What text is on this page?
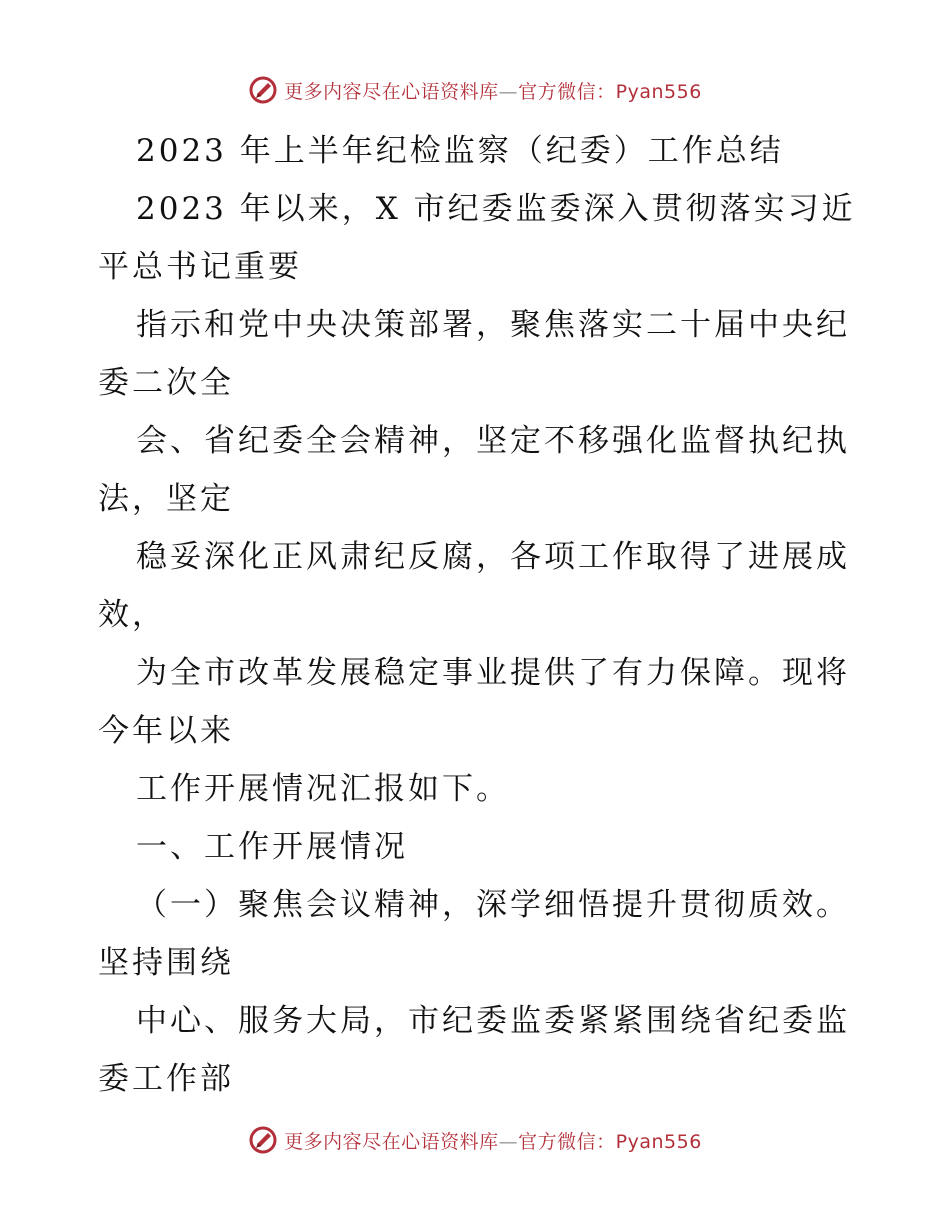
更多内容尽在心语资料库—官方微信：Pyan556
2023 年上半年纪检监察（纪委）工作总结
2023 年以来，X 市纪委监委深入贯彻落实习近
平总书记重要
指示和党中央决策部署，聚焦落实二十届中央纪
委二次全
会、省纪委全会精神，坚定不移强化监督执纪执
法，坚定
稳妥深化正风肃纪反腐，各项工作取得了进展成
效，
为全市改革发展稳定事业提供了有力保障。现将
今年以来
工作开展情况汇报如下。
一、工作开展情况
（一）聚焦会议精神，深学细悟提升贯彻质效。
坚持围绕
中心、服务大局，市纪委监委紧紧围绕省纪委监
委工作部
更多内容尽在心语资料库—官方微信：Pyan556
